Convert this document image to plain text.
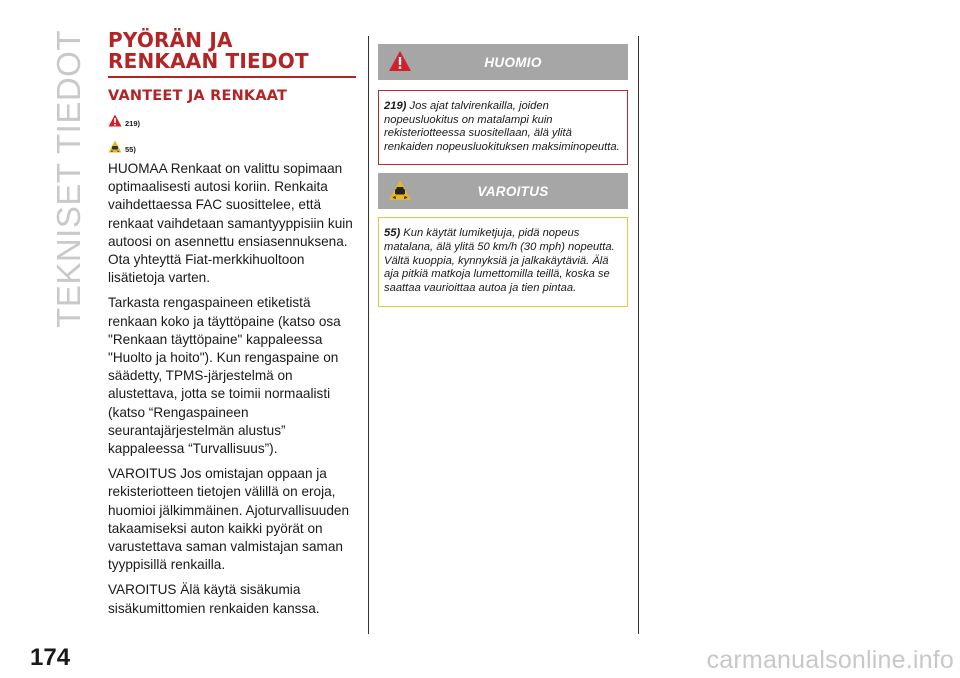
TEKNISET TIEDOT PYÖRÄN JA
RENKAAN TIEDOT
VANTEET JA RENKAAT
219)
55)

HUOMAA Renkaat on valittu sopimaan optimaalisesti autosi koriin. Renkaita vaihdettaessa FAC suosittelee, että renkaat vaihdetaan samantyyppisiin kuin autoosi on asennettu ensiasennuksena. Ota yhteyttä Fiat-merkkihuoltoon lisätietoja varten.

Tarkasta rengaspaineen etiketistä renkaan koko ja täyttöpaine (katso osa "Renkaan täyttöpaine" kappaleessa "Huolto ja hoito"). Kun rengaspaine on säädetty, TPMS-järjestelmä on alustettava, jotta se toimii normaalisti (katso “Rengaspaineen seurantajärjestelmän alustus” kappaleessa “Turvallisuus”).

VAROITUS Jos omistajan oppaan ja rekisteriotteen tietojen välillä on eroja, huomioi jälkimmäinen. Ajoturvallisuuden takaamiseksi auton kaikki pyörät on varustettava saman valmistajan saman tyyppisillä renkailla.

VAROITUS Älä käytä sisäkumia sisäkumittomien renkaiden kanssa.

HUOMIO
219) Jos ajat talvirenkailla, joiden nopeusluokitus on matalampi kuin rekisteriotteessa suositellaan, älä ylitä renkaiden nopeusluokituksen maksiminopeutta.
VAROITUS
55) Kun käytät lumiketjuja, pidä nopeus matalana, älä ylitä 50 km/h (30 mph) nopeutta. Vältä kuoppia, kynnyksiä ja jalkakäytäviä. Älä aja pitkiä matkoja lumettomilla teillä, koska se saattaa vaurioittaa autoa ja tien pintaa.
174	carmanualsonline.info
